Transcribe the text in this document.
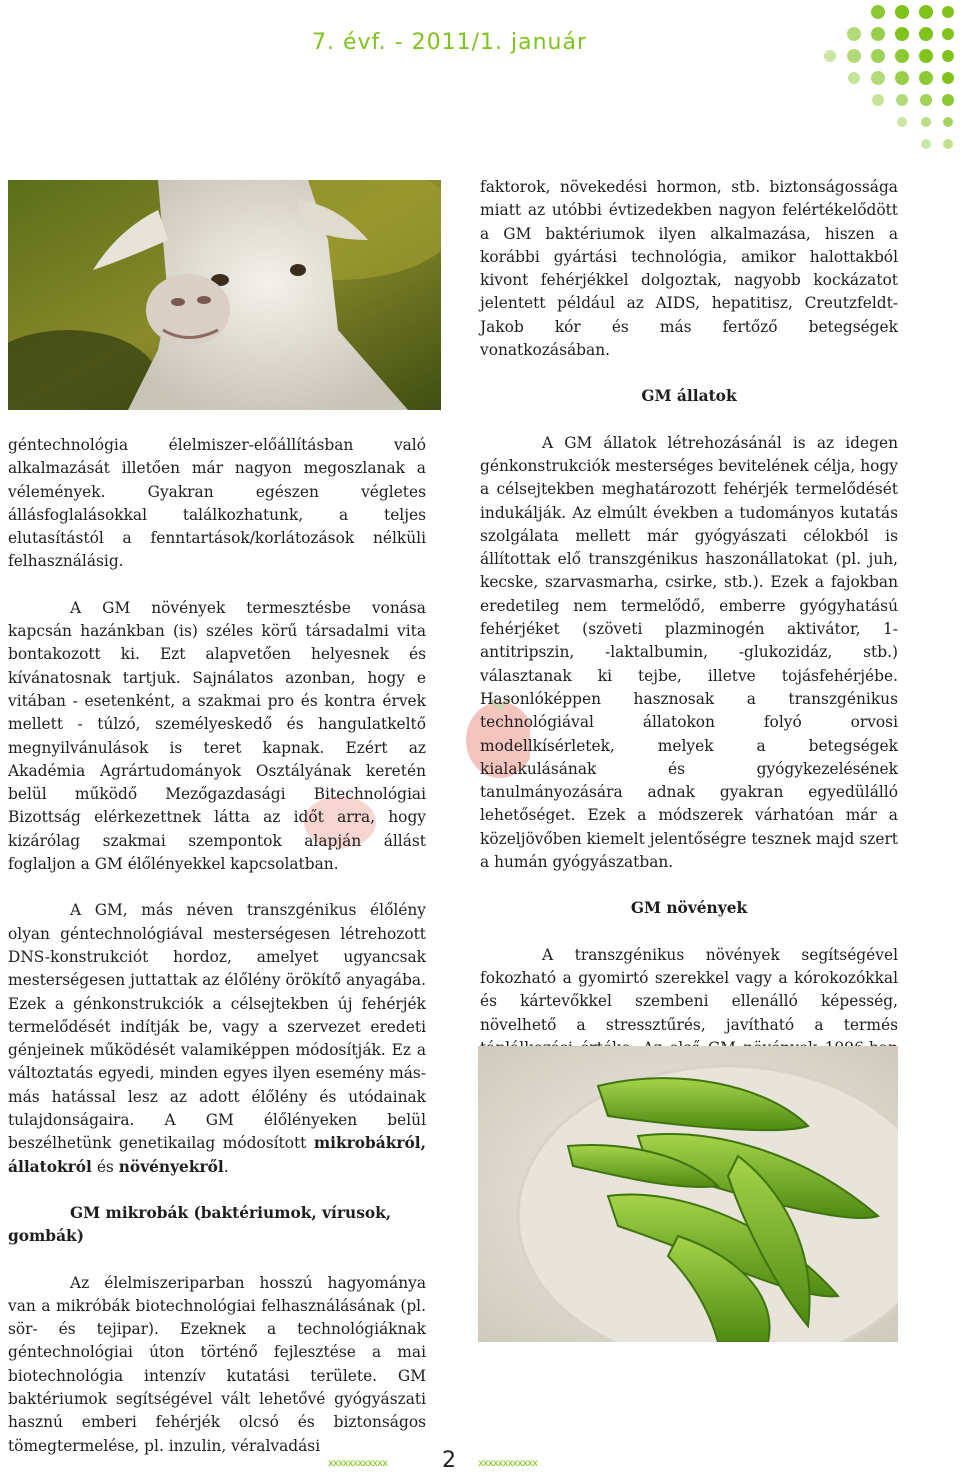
7. évf. - 2011/1. január

géntechnológia élelmiszer-előállításban való alkalmazását illetően már nagyon megoszlanak a vélemények. Gyakran egészen végletes állásfoglalásokkal találkozhatunk, a teljes elutasítástól a fenntartások/korlátozások nélküli felhasználásig.

A GM növények termesztésbe vonása kapcsán hazánkban (is) széles körű társadalmi vita bontakozott ki. Ezt alapvetően helyesnek és kívánatosnak tartjuk. Sajnálatos azonban, hogy e vitában - esetenként, a szakmai pro és kontra érvek mellett - túlzó, személyeskedő és hangulatkeltő megnyilvánulások is teret kapnak. Ezért az Akadémia Agrártudományok Osztályának keretén belül működő Mezőgazdasági Bitechnológiai Bizottság elérkezettnek látta az időt arra, hogy kizárólag szakmai szempontok alapján állást foglaljon a GM élőlényekkel kapcsolatban.

A GM, más néven transzgénikus élőlény olyan géntechnológiával mesterségesen létrehozott DNS-konstrukciót hordoz, amelyet ugyancsak mesterségesen juttattak az élőlény örökítő anyagába. Ezek a génkonstrukciók a célsejtekben új fehérjék termelődését indítják be, vagy a szervezet eredeti génjeinek működését valamiképpen módosítják. Ez a változtatás egyedi, minden egyes ilyen esemény más-más hatással lesz az adott élőlény és utódainak tulajdonságaira. A GM élőlényeken belül beszélhetünk genetikailag módosított mikrobákról, állatokról és növényekről.

GM mikrobák (baktériumok, vírusok, gombák)

Az élelmiszeriparban hosszú hagyománya van a mikróbák biotechnológiai felhasználásának (pl. sör- és tejipar). Ezeknek a technológiáknak géntechnológiai úton történő fejlesztése a mai biotechnológia intenzív kutatási területe. GM baktériumok segítségével vált lehetővé gyógyászati hasznú emberi fehérjék olcsó és biztonságos tömegtermelése, pl. inzulin, véralvadási

faktorok, növekedési hormon, stb. biztonságossága miatt az utóbbi évtizedekben nagyon felértékelődött a GM baktériumok ilyen alkalmazása, hiszen a korábbi gyártási technológia, amikor halottakból kivont fehérjékkel dolgoztak, nagyobb kockázatot jelentett például az AIDS, hepatitisz, Creutzfeldt-Jakob kór és más fertőző betegségek vonatkozásában.

GM állatok

A GM állatok létrehozásánál is az idegen génkonstrukciók mesterséges bevitelének célja, hogy a célsejtekben meghatározott fehérjék termelődését indukálják. Az elmúlt években a tudományos kutatás szolgálata mellett már gyógyászati célokból is állítottak elő transzgénikus haszonállatokat (pl. juh, kecske, szarvasmarha, csirke, stb.). Ezek a fajokban eredetileg nem termelődő, emberre gyógyhatású fehérjéket (szöveti plazminogén aktivátor, 1-antitripszin, -laktalbumin, -glukozidáz, stb.) választanak ki tejbe, illetve tojásfehérjébe. Hasonlóképpen hasznosak a transzgénikus technológiával állatokon folyó orvosi modellkísérletek, melyek a betegségek kialakulásának és gyógykezelésének tanulmányozására adnak gyakran egyedülálló lehetőséget. Ezek a módszerek várhatóan már a közeljövőben kiemelt jelentőségre tesznek majd szert a humán gyógyászatban.

GM növények

A transzgénikus növények segítségével fokozható a gyomirtó szerekkel vagy a kórokozókkal és kártevőkkel szembeni ellenálló képesség, növelhető a stressztűrés, javítható a termés

xxxxxxxxxxxx 2 xxxxxxxxxxxx
